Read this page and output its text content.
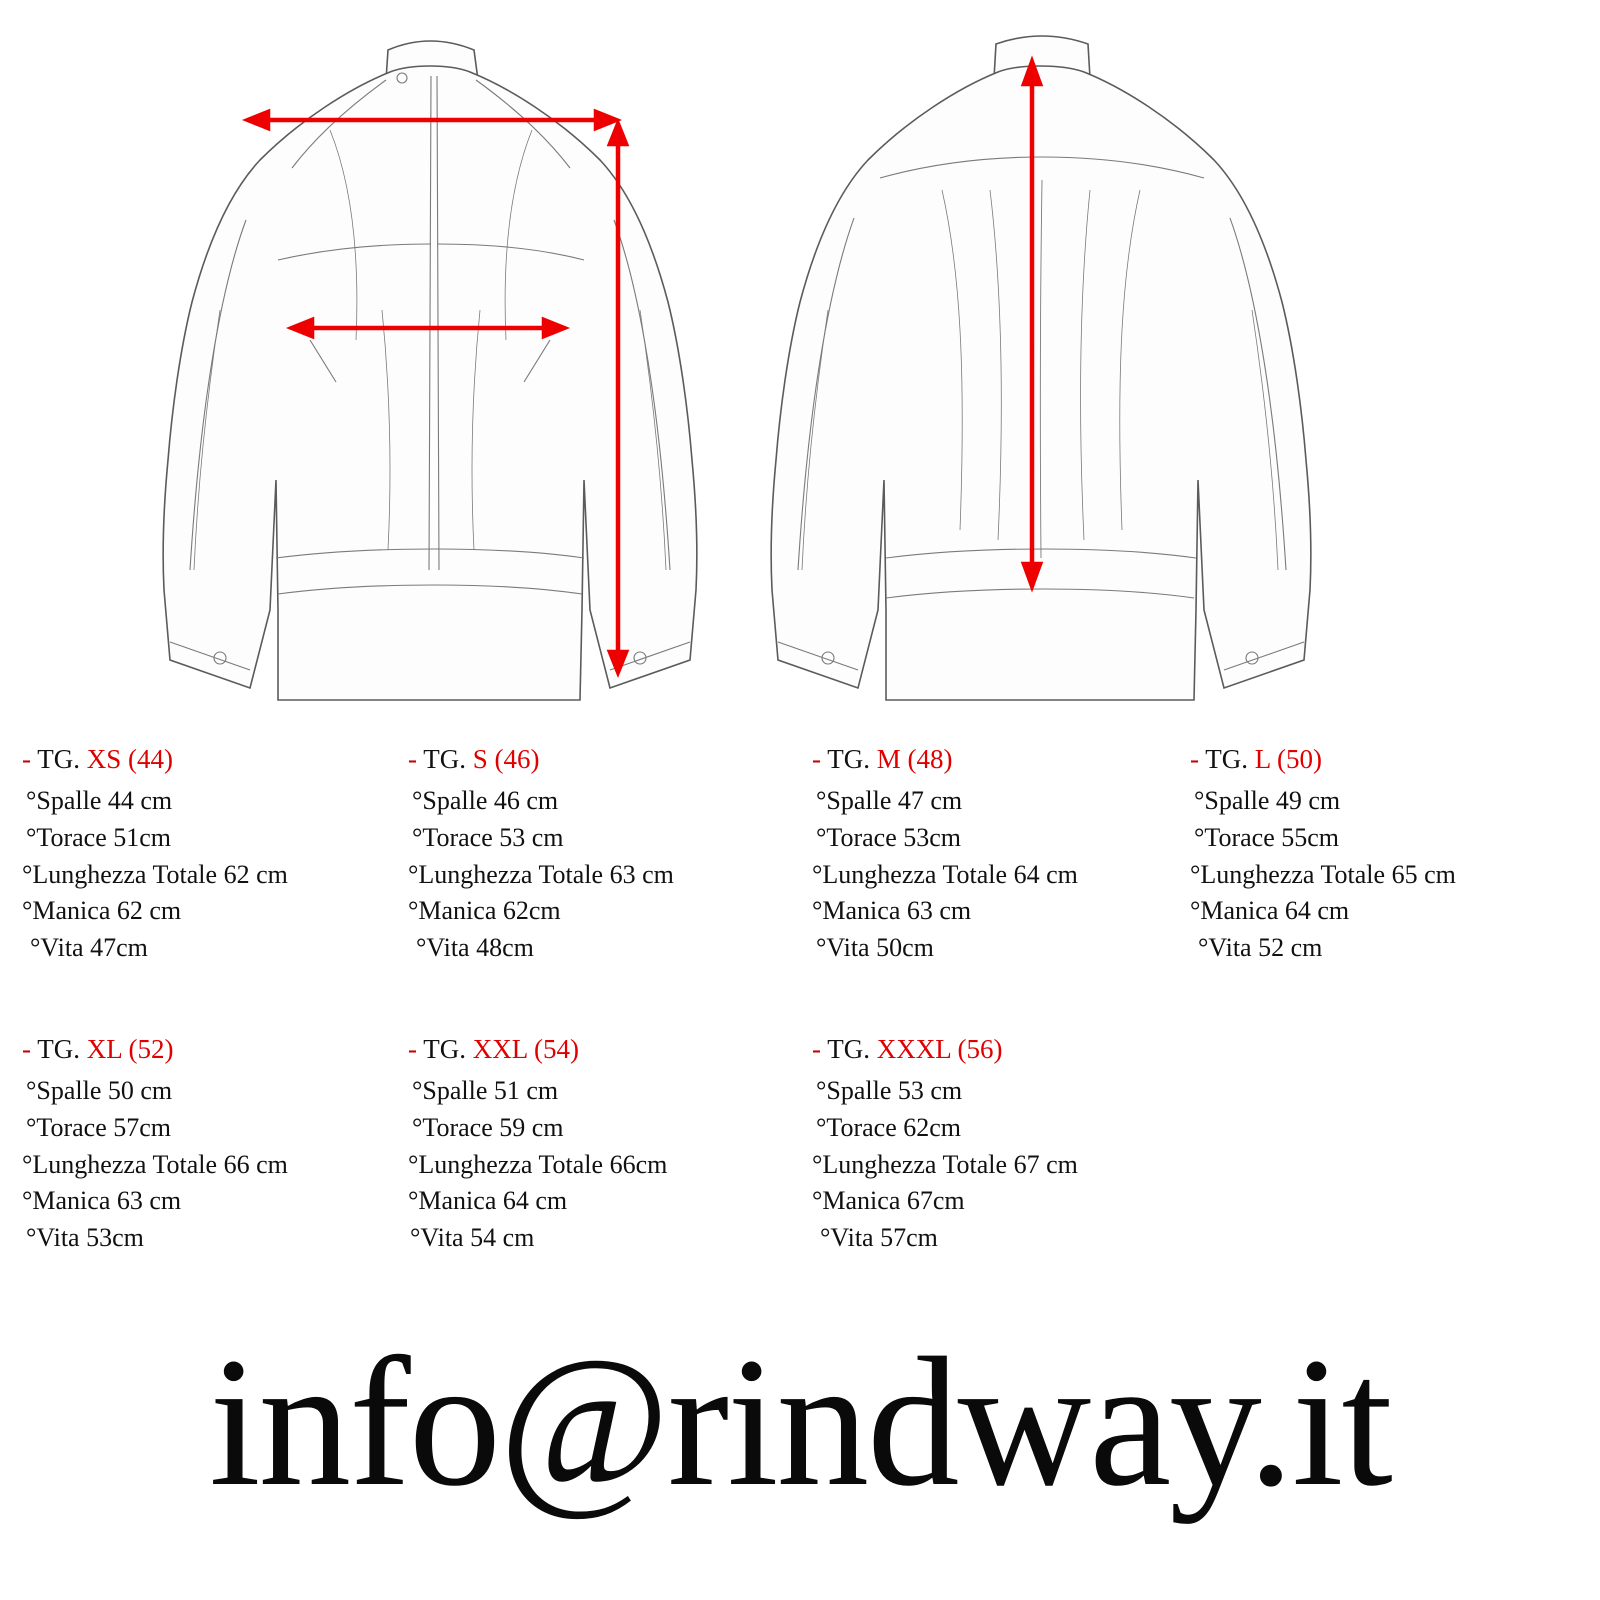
- TG. XS (44)
°Spalle 44 cm
°Torace 51cm
°Lunghezza Totale 62 cm
°Manica 62 cm
°Vita 47cm
- TG. S (46)
°Spalle 46 cm
°Torace 53 cm
°Lunghezza Totale 63 cm
°Manica 62cm
°Vita 48cm
- TG. M (48)
°Spalle 47 cm
°Torace 53cm
°Lunghezza Totale 64 cm
°Manica 63 cm
°Vita 50cm
- TG. L (50)
°Spalle 49 cm
°Torace 55cm
°Lunghezza Totale 65 cm
°Manica 64 cm
°Vita 52 cm
- TG. XL (52)
°Spalle 50 cm
°Torace 57cm
°Lunghezza Totale 66 cm
°Manica 63 cm
°Vita 53cm
- TG. XXL (54)
°Spalle 51 cm
°Torace 59 cm
°Lunghezza Totale 66cm
°Manica 64 cm
°Vita 54 cm
- TG. XXXL (56)
°Spalle 53 cm
°Torace 62cm
°Lunghezza Totale 67 cm
°Manica 67cm
°Vita 57cm
info@rindway.it
